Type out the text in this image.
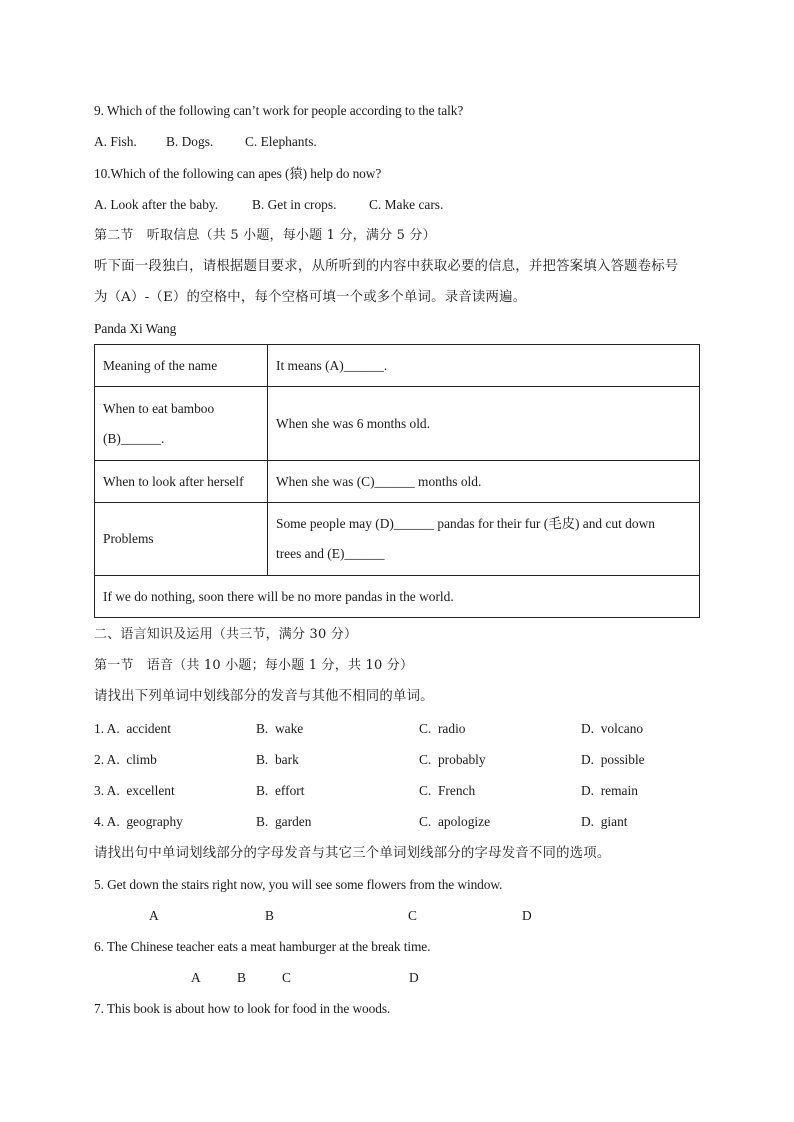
9. Which of the following can’t work for people according to the talk?
A. Fish. B. Dogs. C. Elephants.
10.Which of the following can apes (猿) help do now?
A. Look after the baby.	B. Get in crops. C. Make cars.
第二节　听取信息（共 5 小题，每小题 1 分，满分 5 分）
听下面一段独白，请根据题目要求，从所听到的内容中获取必要的信息，并把答案填入答题卷标号
为（A）-（E）的空格中，每个空格可填一个或多个单词。录音读两遍。
Panda Xi Wang
Meaning of the name	It means (A)______.

When to eat bamboo
(B)______.	When she was 6 months old.
When to look after herself	When she was (C)______ months old.
Problems	Some people may (D)______ pandas for their fur (毛皮) and cut down
trees and (E)______

If we do nothing, soon there will be no more pandas in the world.	
二、语言知识及运用（共三节，满分 30 分）
第一节　语音（共 10 小题；每小题 1 分，共 10 分）
请找出下列单词中划线部分的发音与其他不相同的单词。
1. A.  accident	B.  wake	C.  radio	D.  volcano
2. A.  climb	B.  bark	C.  probably	D.  possible
3. A.  excellent	B.  effort	C.  French	D.  remain
4. A.  geography	B.  garden	C.  apologize	D.  giant
请找出句中单词划线部分的字母发音与其它三个单词划线部分的字母发音不同的选项。
5. Get down the stairs right now, you will see some flowers from the window.
A	B	C	D
6. The Chinese teacher eats a meat hamburger at the break time.
A	B	C	D
7. This book is about how to look for food in the woods.
